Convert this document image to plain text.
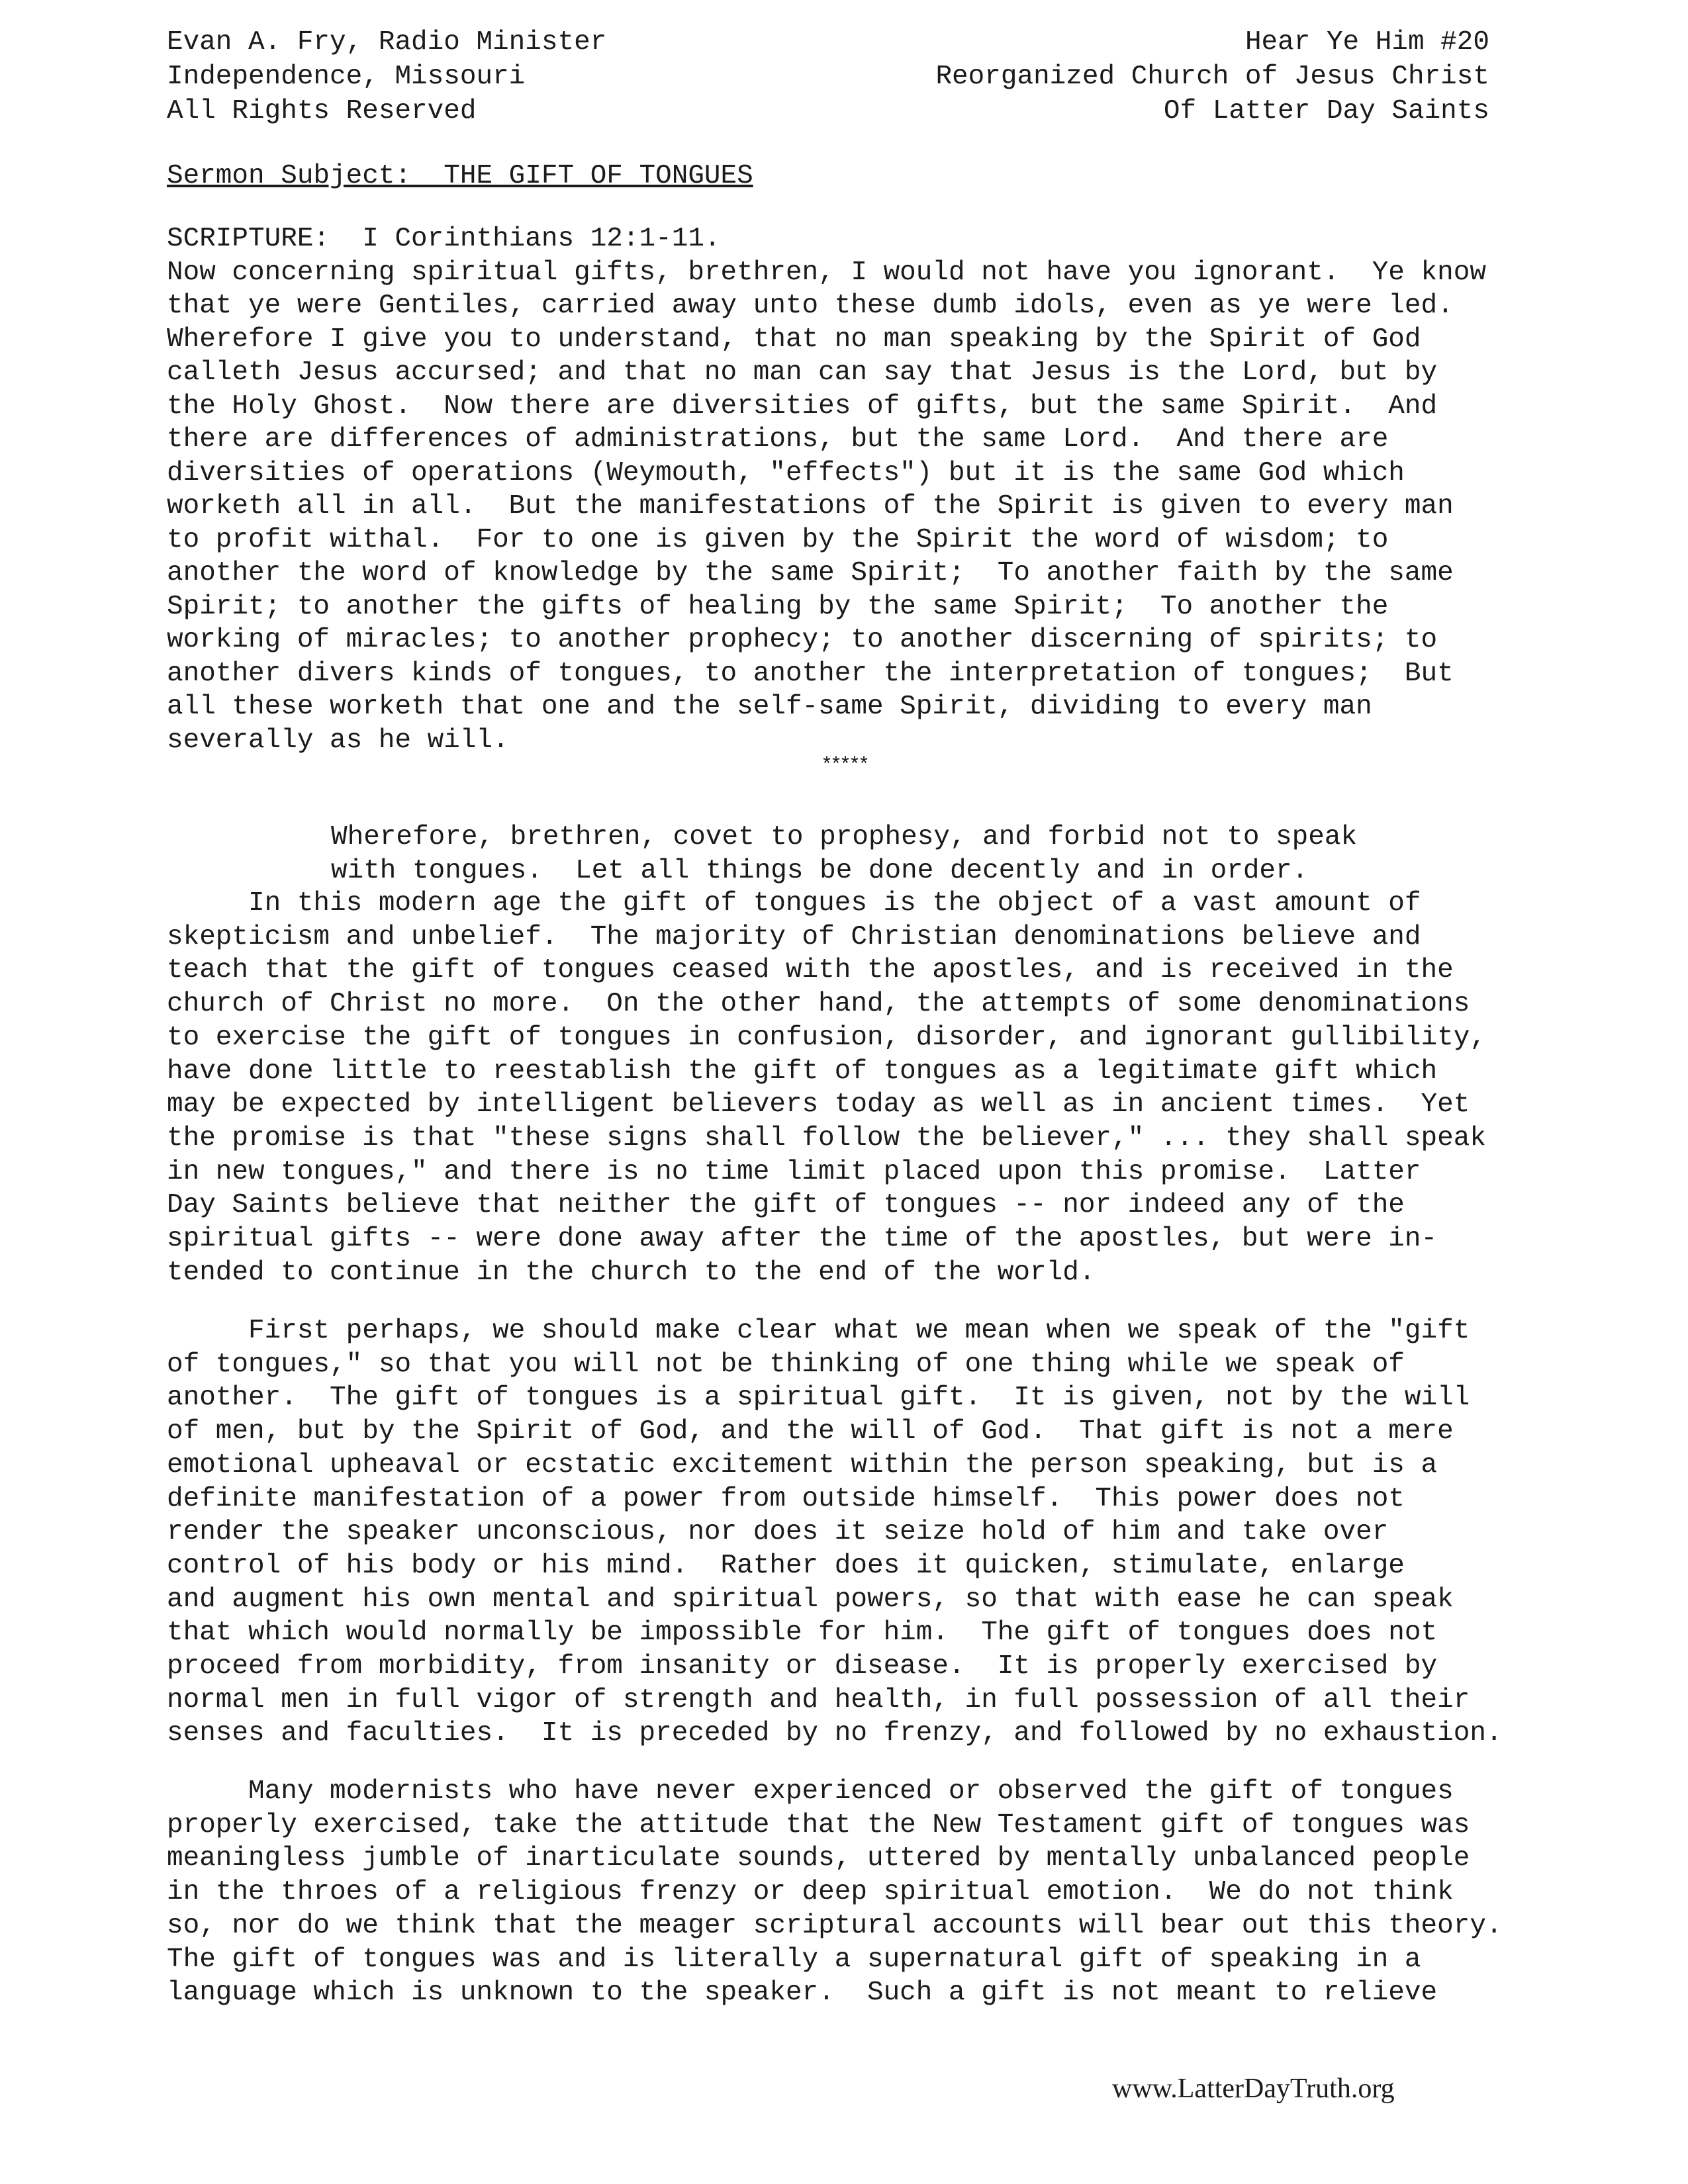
Evan A. Fry, Radio Minister
Independence, Missouri
All Rights Reserved
Hear Ye Him #20
Reorganized Church of Jesus Christ
Of Latter Day Saints
Sermon Subject:  THE GIFT OF TONGUES
SCRIPTURE:  I Corinthians 12:1-11.
Now concerning spiritual gifts, brethren, I would not have you ignorant.  Ye know
that ye were Gentiles, carried away unto these dumb idols, even as ye were led.
Wherefore I give you to understand, that no man speaking by the Spirit of God
calleth Jesus accursed; and that no man can say that Jesus is the Lord, but by
the Holy Ghost.  Now there are diversities of gifts, but the same Spirit.  And
there are differences of administrations, but the same Lord.  And there are
diversities of operations (Weymouth, "effects") but it is the same God which
worketh all in all.  But the manifestations of the Spirit is given to every man
to profit withal.  For to one is given by the Spirit the word of wisdom; to
another the word of knowledge by the same Spirit;  To another faith by the same
Spirit; to another the gifts of healing by the same Spirit;  To another the
working of miracles; to another prophecy; to another discerning of spirits; to
another divers kinds of tongues, to another the interpretation of tongues;  But
all these worketh that one and the self-same Spirit, dividing to every man
severally as he will.
*****
Wherefore, brethren, covet to prophesy, and forbid not to speak
with tongues.  Let all things be done decently and in order.
In this modern age the gift of tongues is the object of a vast amount of
skepticism and unbelief.  The majority of Christian denominations believe and
teach that the gift of tongues ceased with the apostles, and is received in the
church of Christ no more.  On the other hand, the attempts of some denominations
to exercise the gift of tongues in confusion, disorder, and ignorant gullibility,
have done little to reestablish the gift of tongues as a legitimate gift which
may be expected by intelligent believers today as well as in ancient times.  Yet
the promise is that "these signs shall follow the believer," ... they shall speak
in new tongues," and there is no time limit placed upon this promise.  Latter
Day Saints believe that neither the gift of tongues -- nor indeed any of the
spiritual gifts -- were done away after the time of the apostles, but were in-
tended to continue in the church to the end of the world.
First perhaps, we should make clear what we mean when we speak of the "gift
of tongues," so that you will not be thinking of one thing while we speak of
another.  The gift of tongues is a spiritual gift.  It is given, not by the will
of men, but by the Spirit of God, and the will of God.  That gift is not a mere
emotional upheaval or ecstatic excitement within the person speaking, but is a
definite manifestation of a power from outside himself.  This power does not
render the speaker unconscious, nor does it seize hold of him and take over
control of his body or his mind.  Rather does it quicken, stimulate, enlarge
and augment his own mental and spiritual powers, so that with ease he can speak
that which would normally be impossible for him.  The gift of tongues does not
proceed from morbidity, from insanity or disease.  It is properly exercised by
normal men in full vigor of strength and health, in full possession of all their
senses and faculties.  It is preceded by no frenzy, and followed by no exhaustion.
Many modernists who have never experienced or observed the gift of tongues
properly exercised, take the attitude that the New Testament gift of tongues was
meaningless jumble of inarticulate sounds, uttered by mentally unbalanced people
in the throes of a religious frenzy or deep spiritual emotion.  We do not think
so, nor do we think that the meager scriptural accounts will bear out this theory.
The gift of tongues was and is literally a supernatural gift of speaking in a
language which is unknown to the speaker.  Such a gift is not meant to relieve
www.LatterDayTruth.org
